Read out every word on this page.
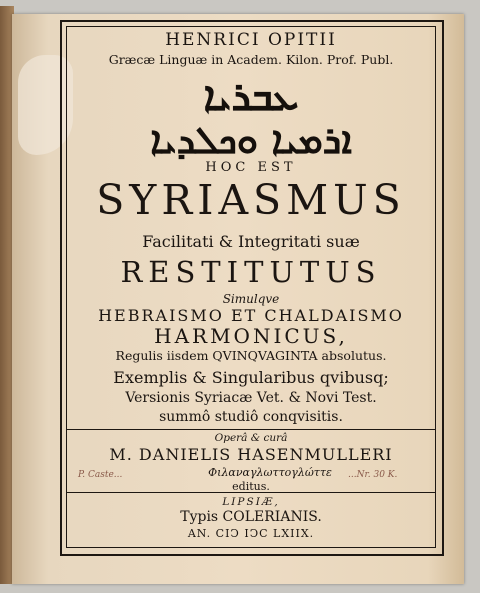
HENRICI OPITII
Græcæ Linguæ in Academ. Kilon. Prof. Publ.
ܥܒܪܝܐ
ܐܪܡܝܐ ܘܟܠܕܝܐ
HOC EST
SYRIASMUS
Facilitati & Integritati suæ
RESTITUTUS
Simulqve
HEBRAISMO ET CHALDAISMO
HARMONICUS,
Regulis iisdem QVINQVAGINTA absolutus.
Exemplis & Singularibus qvibusq;
Versionis Syriacæ Vet. & Novi Test.
summô studiô conqvisitis.
Operâ & curâ
M. DANIELIS HASENMULLERI
Φιλαναγλωττογλώττε
editus.
P. Caste...	...Nr. 30 K.
LIPSIÆ,
Typis COLERIANIS.
AN. CIↃ IↃC LXIIX.
